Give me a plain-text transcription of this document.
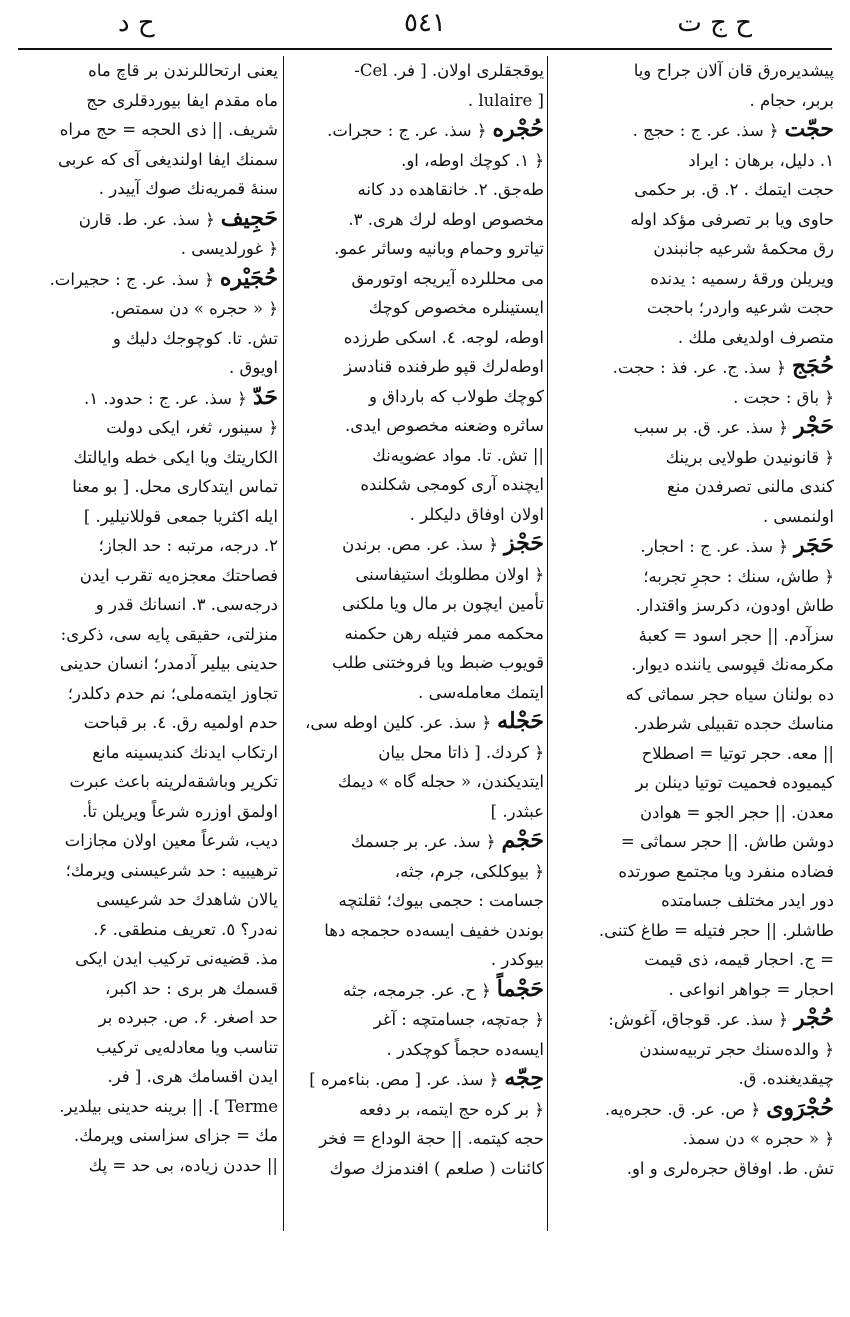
ح د	٥٤١	ح ج ت
پیشدیره‌رق قان آلان جراح ویا
بربر، حجام .
حجّت﴿ سذ. عر. ج : حجج .
۱. دلیل، برهان : ایراد
حجت ایتمك . ۲. ق. بر حکمی
حاوی ویا بر تصرفی مؤکد اوله‌
رق محکمهٔ شرعیه جانبندن
ویریلن ورقهٔ رسمیه : یدنده
حجت شرعیه واردر؛ باحجت
متصرف اولدیغی ملك .
حُجَج﴿ سذ. ج. عر. فذ : حجت.
﴿ باق : حجت .
حَجْر﴿ سذ. عر. ق. بر سبب
﴿ قانونیدن طولایی برینك
کندی مالنی تصرفدن منع
اولنمسی .
حَجَر﴿ سذ. عر. ج : احجار.
﴿ طاش، سنك : حجرِ تجربه؛
طاش اودون، دکرسز واقتدار.
سزآدم. || حجر اسود = کعبهٔ
مکرمه‌نك قپوسی یاننده دیوار.
ده بولنان سیاه حجر سماثی که
مناسك حجده تقبیلی شرطدر.
|| معه. حجر توتیا = اصطلاح
کیمیوده فحمیت توتیا دینلن بر
معدن. || حجر الجو = هوادن
دوشن طاش. || حجر سماثی =
فضاده منفرد ویا مجتمع صورتده
دور ایدر مختلف جسامتده
طاشلر. || حجر فتیله = طاغ کتنی.
= ج. احجار قیمه، ذی قیمت
احجار = جواهر انواعی .
حُجْر﴿ سذ. عر. قوجاق، آغوش:
﴿ والده‌سنك حجر تربیه‌سندن
چیقدیغنده. ق.
حُجْرَوی﴿ ص. عر. ق. حجره‌یه.
﴿ « حجره » دن سمذ.
تش. ط. اوفاق حجره‌لری و او.
یوقجقلری اولان. [ فر. Cel-
[ lulaire .
حُجْره﴿ سذ. عر. ج : حجرات.
﴿ ۱. کوچك اوطه، او.
طه‌جق. ۲. خانقاهده دد کانه
مخصوص اوطه لرك هری. ۳.
تیاترو وحمام وبانیه وساثر عمو.
می محللرده آیریجه اوتورمق
ایستینلره مخصوص کوچك
اوطه، لوجه. ٤. اسکی طرزده
اوطه‌لرك قپو طرفنده قنادسز
کوچك طولاب که بارداق و
ساثره وضعنه مخصوص ایدی.
|| تش. تا. مواد عضویه‌نك
ایچنده آری کومجی شکلنده
اولان اوفاق دلیکلر .
حَجْز﴿ سذ. عر. مص. برندن
﴿ اولان مطلوبك استیفاسنی
تأمین ایچون بر مال ویا ملکنی
محکمه ممر فتیله رهن حکمنه
قویوب ضبط ویا فروختنی طلب
ایتمك معامله‌سی .
حَجْله﴿ سذ. عر. کلین اوطه سی،
﴿ کردك. [ ذاتا محل بیان
ایتدیکندن، « حجله گاه » دیمك
عبثدر. ]
حَجْم﴿ سذ. عر. بر جسمك
﴿ بیوکلکی، جرم، جثه،
جسامت : حجمی بیوك؛ ثقلتچه
بوندن خفیف ایسه‌ده حجمجه دها
بیوکدر .
حَجْماً﴿ ح. عر. جرمجه، جثه
﴿ جه‌تچه، جسامتچه : آغر
ایسه‌ده حجماً کوچکدر .
حِجّه﴿ سذ. عر. [ مص. بناءمره ]
﴿ بر کره حج ایتمه، بر دفعه
حجه کیتمه. || حجة الوداع = فخر
کائنات ( صلعم ) افندمزك صوك
یعنی ارتحاللرندن بر قاچ ماه
ماه مقدم ایفا بیوردقلری حج
شریف. || ذی الحجه = حج مراه
سمنك ایفا اولندیغی آی که عربی
سنهٔ قمریه‌نك صوك آییدر .
حَجِیف﴿ سذ. عر. ط. قارن
﴿ غورلدیسی .
حُجَیْره﴿ سذ. عر. ج : حجیرات.
﴿ « حجره » دن سمتص.
تش. تا. کوچوجك دلیك و
اویوق .
حَدّ﴿ سذ. عر. ج : حدود. ۱.
﴿ سینور، ثغر، ایکی دولت
الکاریتك ویا ایکی خطه وایالتك
تماس ایتدکاری محل. [ بو معنا
ایله اکثریا جمعی قوللانیلیر. ]
۲. درجه، مرتبه : حد الجاز؛
فصاحتك معجزه‌یه تقرب ایدن
درجه‌سی. ۳. انسانك قدر و
منزلتی، حقیقی پایه سی، ذکری:
حدینی بیلیر آدمدر؛ انسان حدینی
تجاوز ایتمه‌ملی؛ نم حدم دکلدر؛
حدم اولمیه رق. ٤. بر قباحت
ارتکاب ایدنك کندیسینه مانع
تکریر وباشقه‌لرینه باعث عبرت
اولمق اوزره شرعاً ویریلن تأ.
دیب، شرعاً معین اولان مجازات
ترهیبیه : حد شرعیسنی ویرمك؛
یالان شاهدك حد شرعیسی
نه‌در؟ ٥. تعریف منطقی. ۶.
مذ. قضیه‌نی ترکیب ایدن ایکی
قسمك هر بری : حد اکبر،
حد اصغر. ۶. ص. جبرده بر
تناسب ویا معادله‌یی ترکیب
ایدن اقسامك هری. [ فر.
Terme ]. || برینه حدینی بیلدیر.
مك = جزای سزاسنی ویرمك.
|| حددن زیاده، بی حد = پك
